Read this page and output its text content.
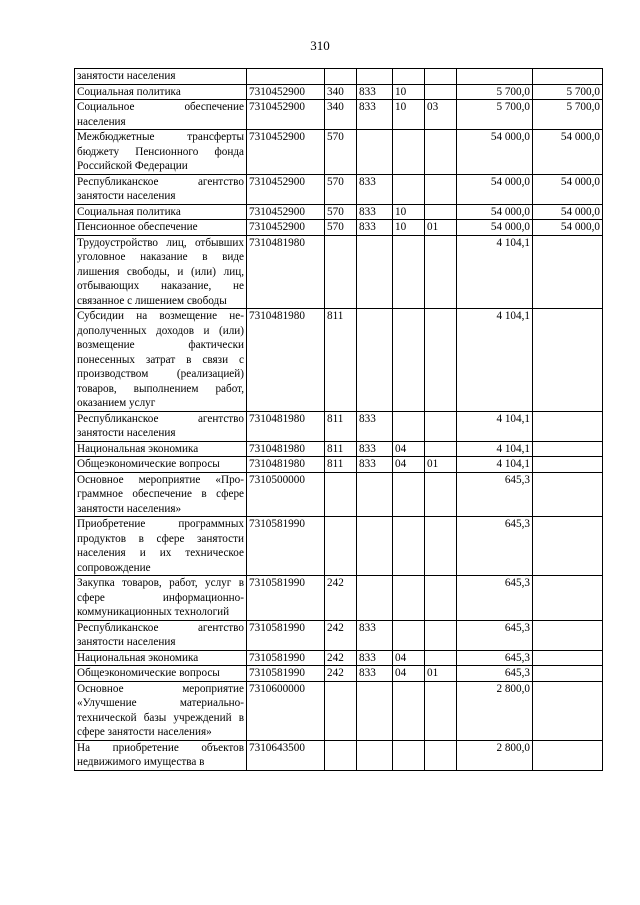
310
занятости населения							
Социальная политика	7310452900	340	833	10		5 700,0	5 700,0
Социальное обеспечение населения	7310452900	340	833	10	03	5 700,0	5 700,0
Межбюджетные трансферты бюджету Пенсионного фонда Российской Федерации	7310452900	570				54 000,0	54 000,0
Республиканское агентство занятости населения	7310452900	570	833			54 000,0	54 000,0
Социальная политика	7310452900	570	833	10		54 000,0	54 000,0
Пенсионное обеспечение	7310452900	570	833	10	01	54 000,0	54 000,0
Трудоустройство лиц, отбывших уголовное наказание в виде лишения свободы, и (или) лиц, отбывающих наказание, не связанное с лишением свободы	7310481980					4 104,1	
Субсидии на возмещение недополученных доходов и (или) возмещение фактически понесенных затрат в связи с производством (реализацией) товаров, выполнением работ, оказанием услуг	7310481980	811				4 104,1	
Республиканское агентство занятости населения	7310481980	811	833			4 104,1	
Национальная экономика	7310481980	811	833	04		4 104,1	
Общеэкономические вопросы	7310481980	811	833	04	01	4 104,1	
Основное мероприятие «Программное обеспечение в сфере занятости населения»	7310500000					645,3	
Приобретение программных продуктов в сфере занятости населения и их техническое сопровождение	7310581990					645,3	
Закупка товаров, работ, услуг в сфере информационно-коммуникационных технологий	7310581990	242				645,3	
Республиканское агентство занятости населения	7310581990	242	833			645,3	
Национальная экономика	7310581990	242	833	04		645,3	
Общеэкономические вопросы	7310581990	242	833	04	01	645,3	
Основное мероприятие «Улучшение материально-технической базы учреждений в сфере занятости населения»	7310600000					2 800,0	
На приобретение объектов недвижимого имущества в	7310643500					2 800,0	
